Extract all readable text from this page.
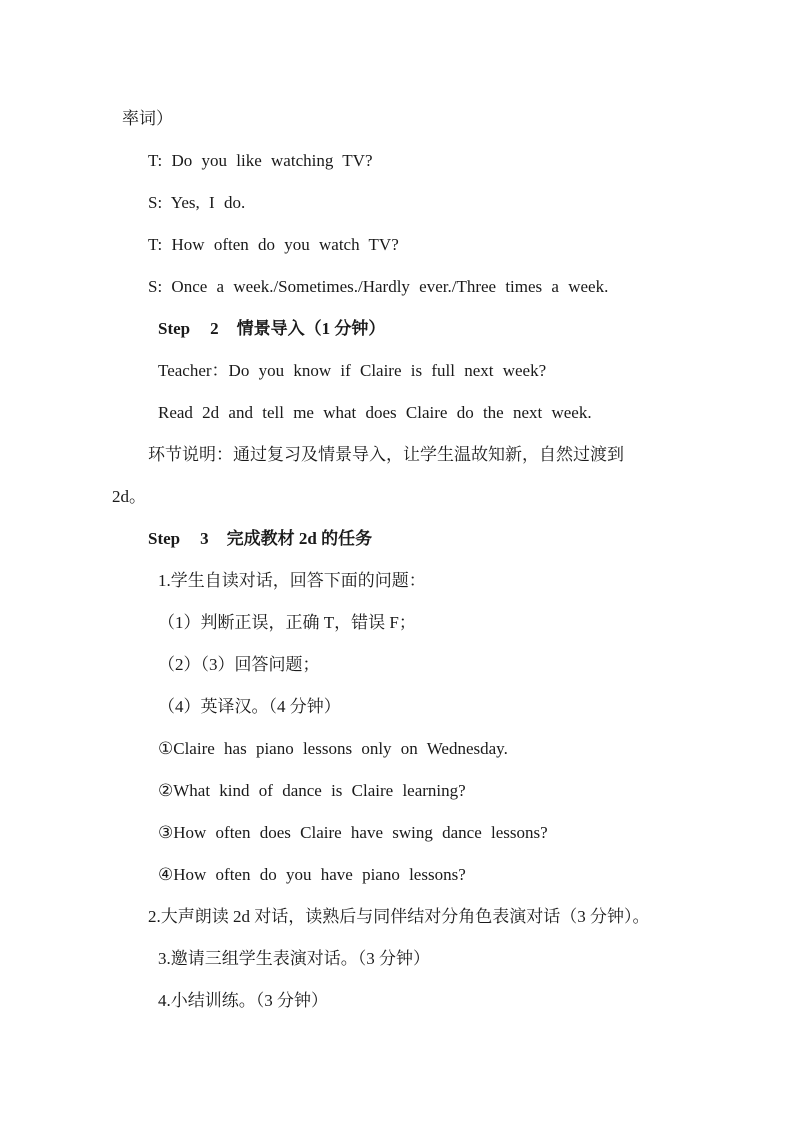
率词）
T: Do you like watching TV?
S: Yes, I do.
T: How often do you watch TV?
S: Once a week./Sometimes./Hardly ever./Three times a week.
Step 2 情景导入（1 分钟）
Teacher：Do you know if Claire is full next week?
Read 2d and tell me what does Claire do the next week.
环节说明：通过复习及情景导入，让学生温故知新，自然过渡到
2d。
Step 3 完成教材 2d 的任务
1.学生自读对话，回答下面的问题：
（1）判断正误，正确 T，错误 F；
（2）（3）回答问题；
（4）英译汉。（4 分钟）
①Claire has piano lessons only on Wednesday.
②What kind of dance is Claire learning?
③How often does Claire have swing dance lessons?
④How often do you have piano lessons?
2.大声朗读 2d 对话，读熟后与同伴结对分角色表演对话（3 分钟）。
3.邀请三组学生表演对话。（3 分钟）
4.小结训练。（3 分钟）
